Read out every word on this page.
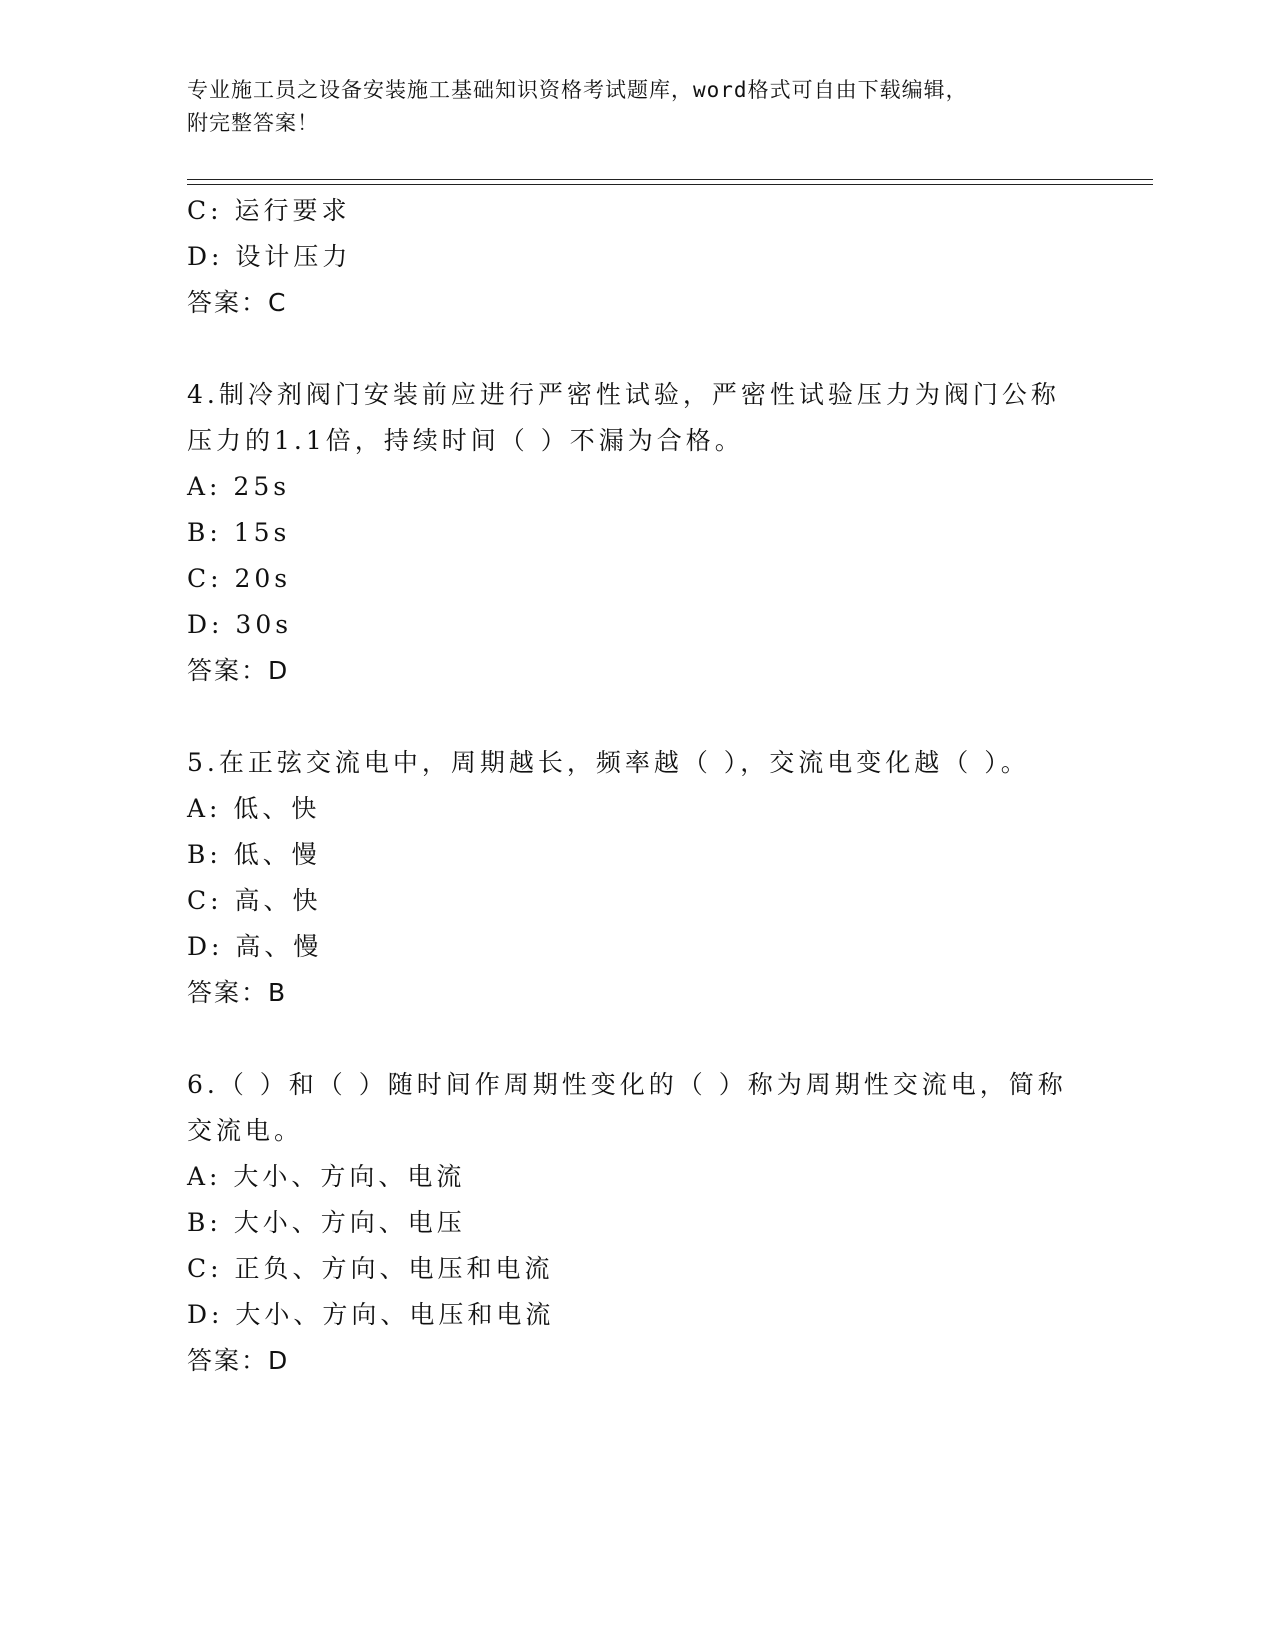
专业施工员之设备安装施工基础知识资格考试题库，word格式可自由下载编辑，
附完整答案！
C: 运行要求
D: 设计压力
答案：C
4.制冷剂阀门安装前应进行严密性试验，严密性试验压力为阀门公称
压力的1.1倍，持续时间（ ）不漏为合格。
A: 25s
B: 15s
C: 20s
D: 30s
答案：D
5.在正弦交流电中，周期越长，频率越（ ），交流电变化越（ ）。
A: 低、快
B: 低、慢
C: 高、快
D: 高、慢
答案：B
6.（ ）和（ ）随时间作周期性变化的（ ）称为周期性交流电，简称
交流电。
A: 大小、方向、电流
B: 大小、方向、电压
C: 正负、方向、电压和电流
D: 大小、方向、电压和电流
答案：D
